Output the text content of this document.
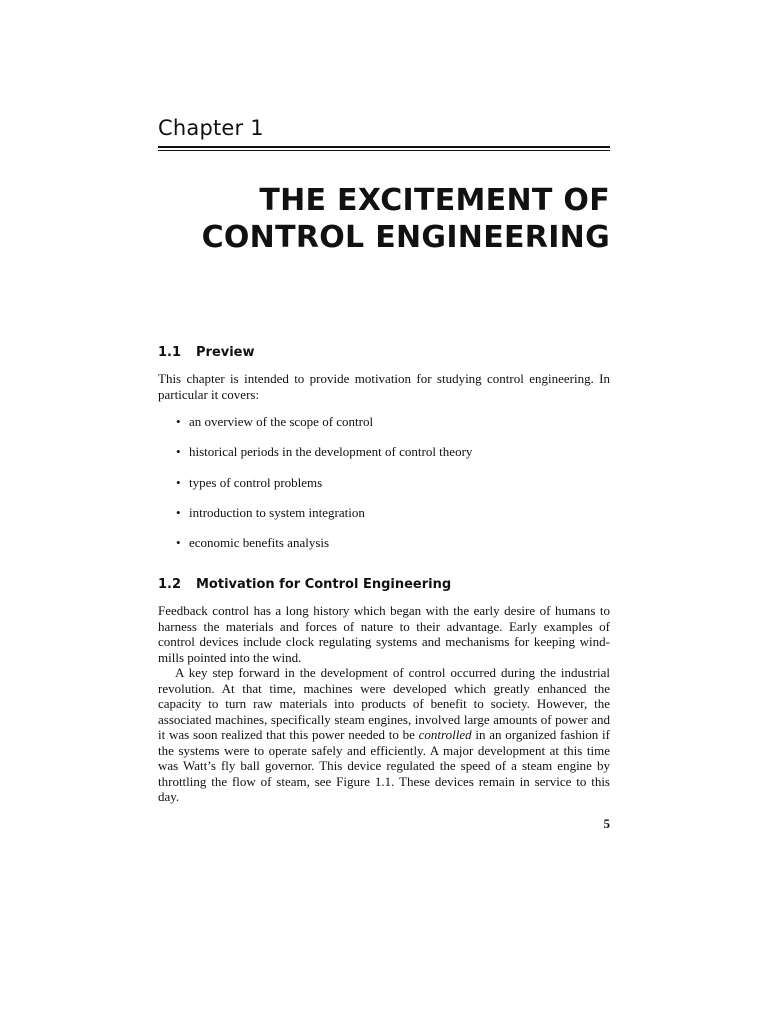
Chapter 1
THE EXCITEMENT OF
CONTROL ENGINEERING
1.1 Preview

This chapter is intended to provide motivation for studying control engineering. In particular it covers:

• an overview of the scope of control
• historical periods in the development of control theory
• types of control problems
• introduction to system integration
• economic benefits analysis
1.2 Motivation for Control Engineering

Feedback control has a long history which began with the early desire of humans to harness the materials and forces of nature to their advantage. Early examples of control devices include clock regulating systems and mechanisms for keeping wind-mills pointed into the wind.

A key step forward in the development of control occurred during the industrial revolution. At that time, machines were developed which greatly enhanced the capacity to turn raw materials into products of benefit to society. However, the associated machines, specifically steam engines, involved large amounts of power and it was soon realized that this power needed to be controlled in an organized fashion if the systems were to operate safely and efficiently. A major development at this time was Watt’s fly ball governor. This device regulated the speed of a steam engine by throttling the flow of steam, see Figure 1.1. These devices remain in service to this day.

5
